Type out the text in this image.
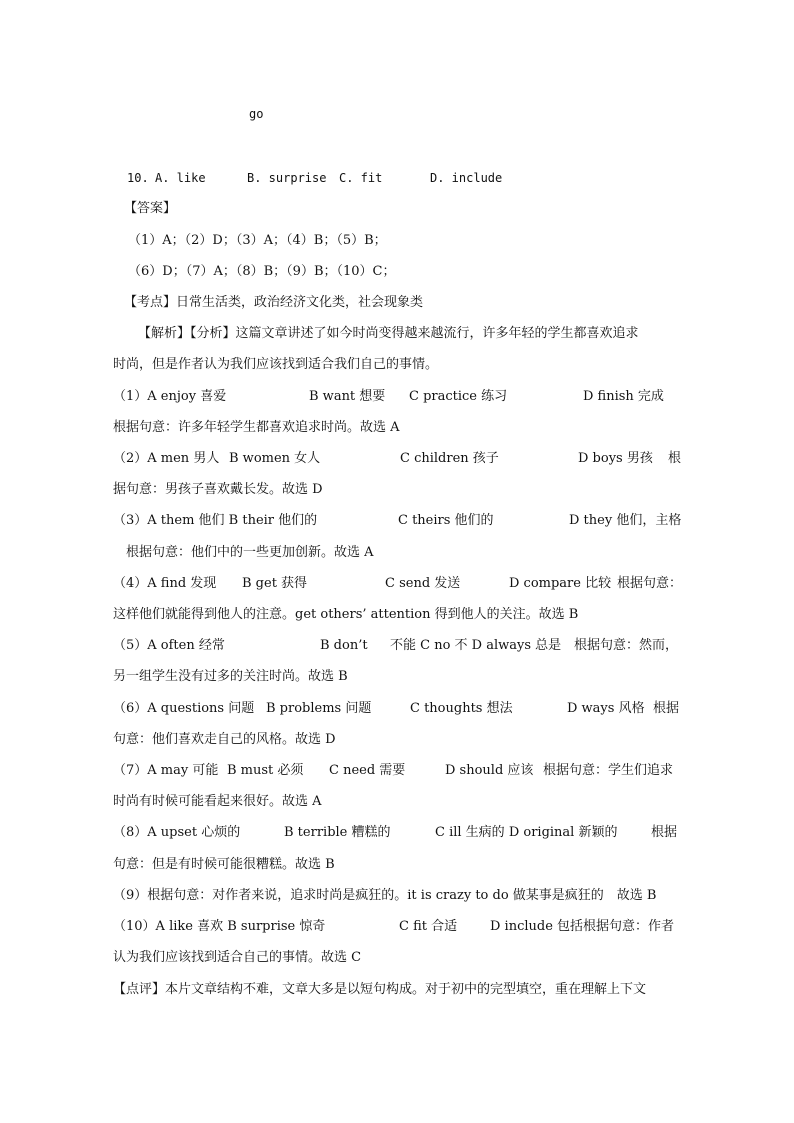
go
10. A. like	B. surprise C. fit	D. include
【答案】
（1）A；（2）D；（3）A；（4）B；（5）B；
（6）D；（7）A；（8）B；（9）B；（10）C；
【考点】日常生活类，政治经济文化类，社会现象类
【解析】【分析】这篇文章讲述了如今时尚变得越来越流行，许多年轻的学生都喜欢追求
时尚，但是作者认为我们应该找到适合我们自己的事情。
（1）A enjoy 喜爱	B want 想要 C practice 练习	D finish 完成
根据句意：许多年轻学生都喜欢追求时尚。故选 A
（2）A men 男人 B women 女人	C children 孩子	D boys 男孩 根
据句意：男孩子喜欢戴长发。故选 D
（3）A them 他们 B their 他们的	C theirs 他们的	D they 他们，主格
根据句意：他们中的一些更加创新。故选 A
（4）A find 发现 B get 获得	C send 发送	D compare 比较 根据句意：
这样他们就能得到他人的注意。get others’ attention 得到他人的关注。故选 B
（5）A often 经常	B don’t 不能 C no 不 D always 总是 根据句意：然而，
另一组学生没有过多的关注时尚。故选 B
（6）A questions 问题 B problems 问题	C thoughts 想法	D ways 风格 根据
句意：他们喜欢走自己的风格。故选 D
（7）A may 可能 B must 必须 C need 需要	D should 应该 根据句意：学生们追求
时尚有时候可能看起来很好。故选 A
（8）A upset 心烦的	B terrible 糟糕的	C ill 生病的 D original 新颖的	根据
句意：但是有时候可能很糟糕。故选 B
（9）根据句意：对作者来说，追求时尚是疯狂的。it is crazy to do 做某事是疯狂的　故选 B
（10）A like 喜欢 B surprise 惊奇	C fit 合适	D include 包括根据句意：作者
认为我们应该找到适合自己的事情。故选 C
【点评】本片文章结构不难，文章大多是以短句构成。对于初中的完型填空，重在理解上下文
